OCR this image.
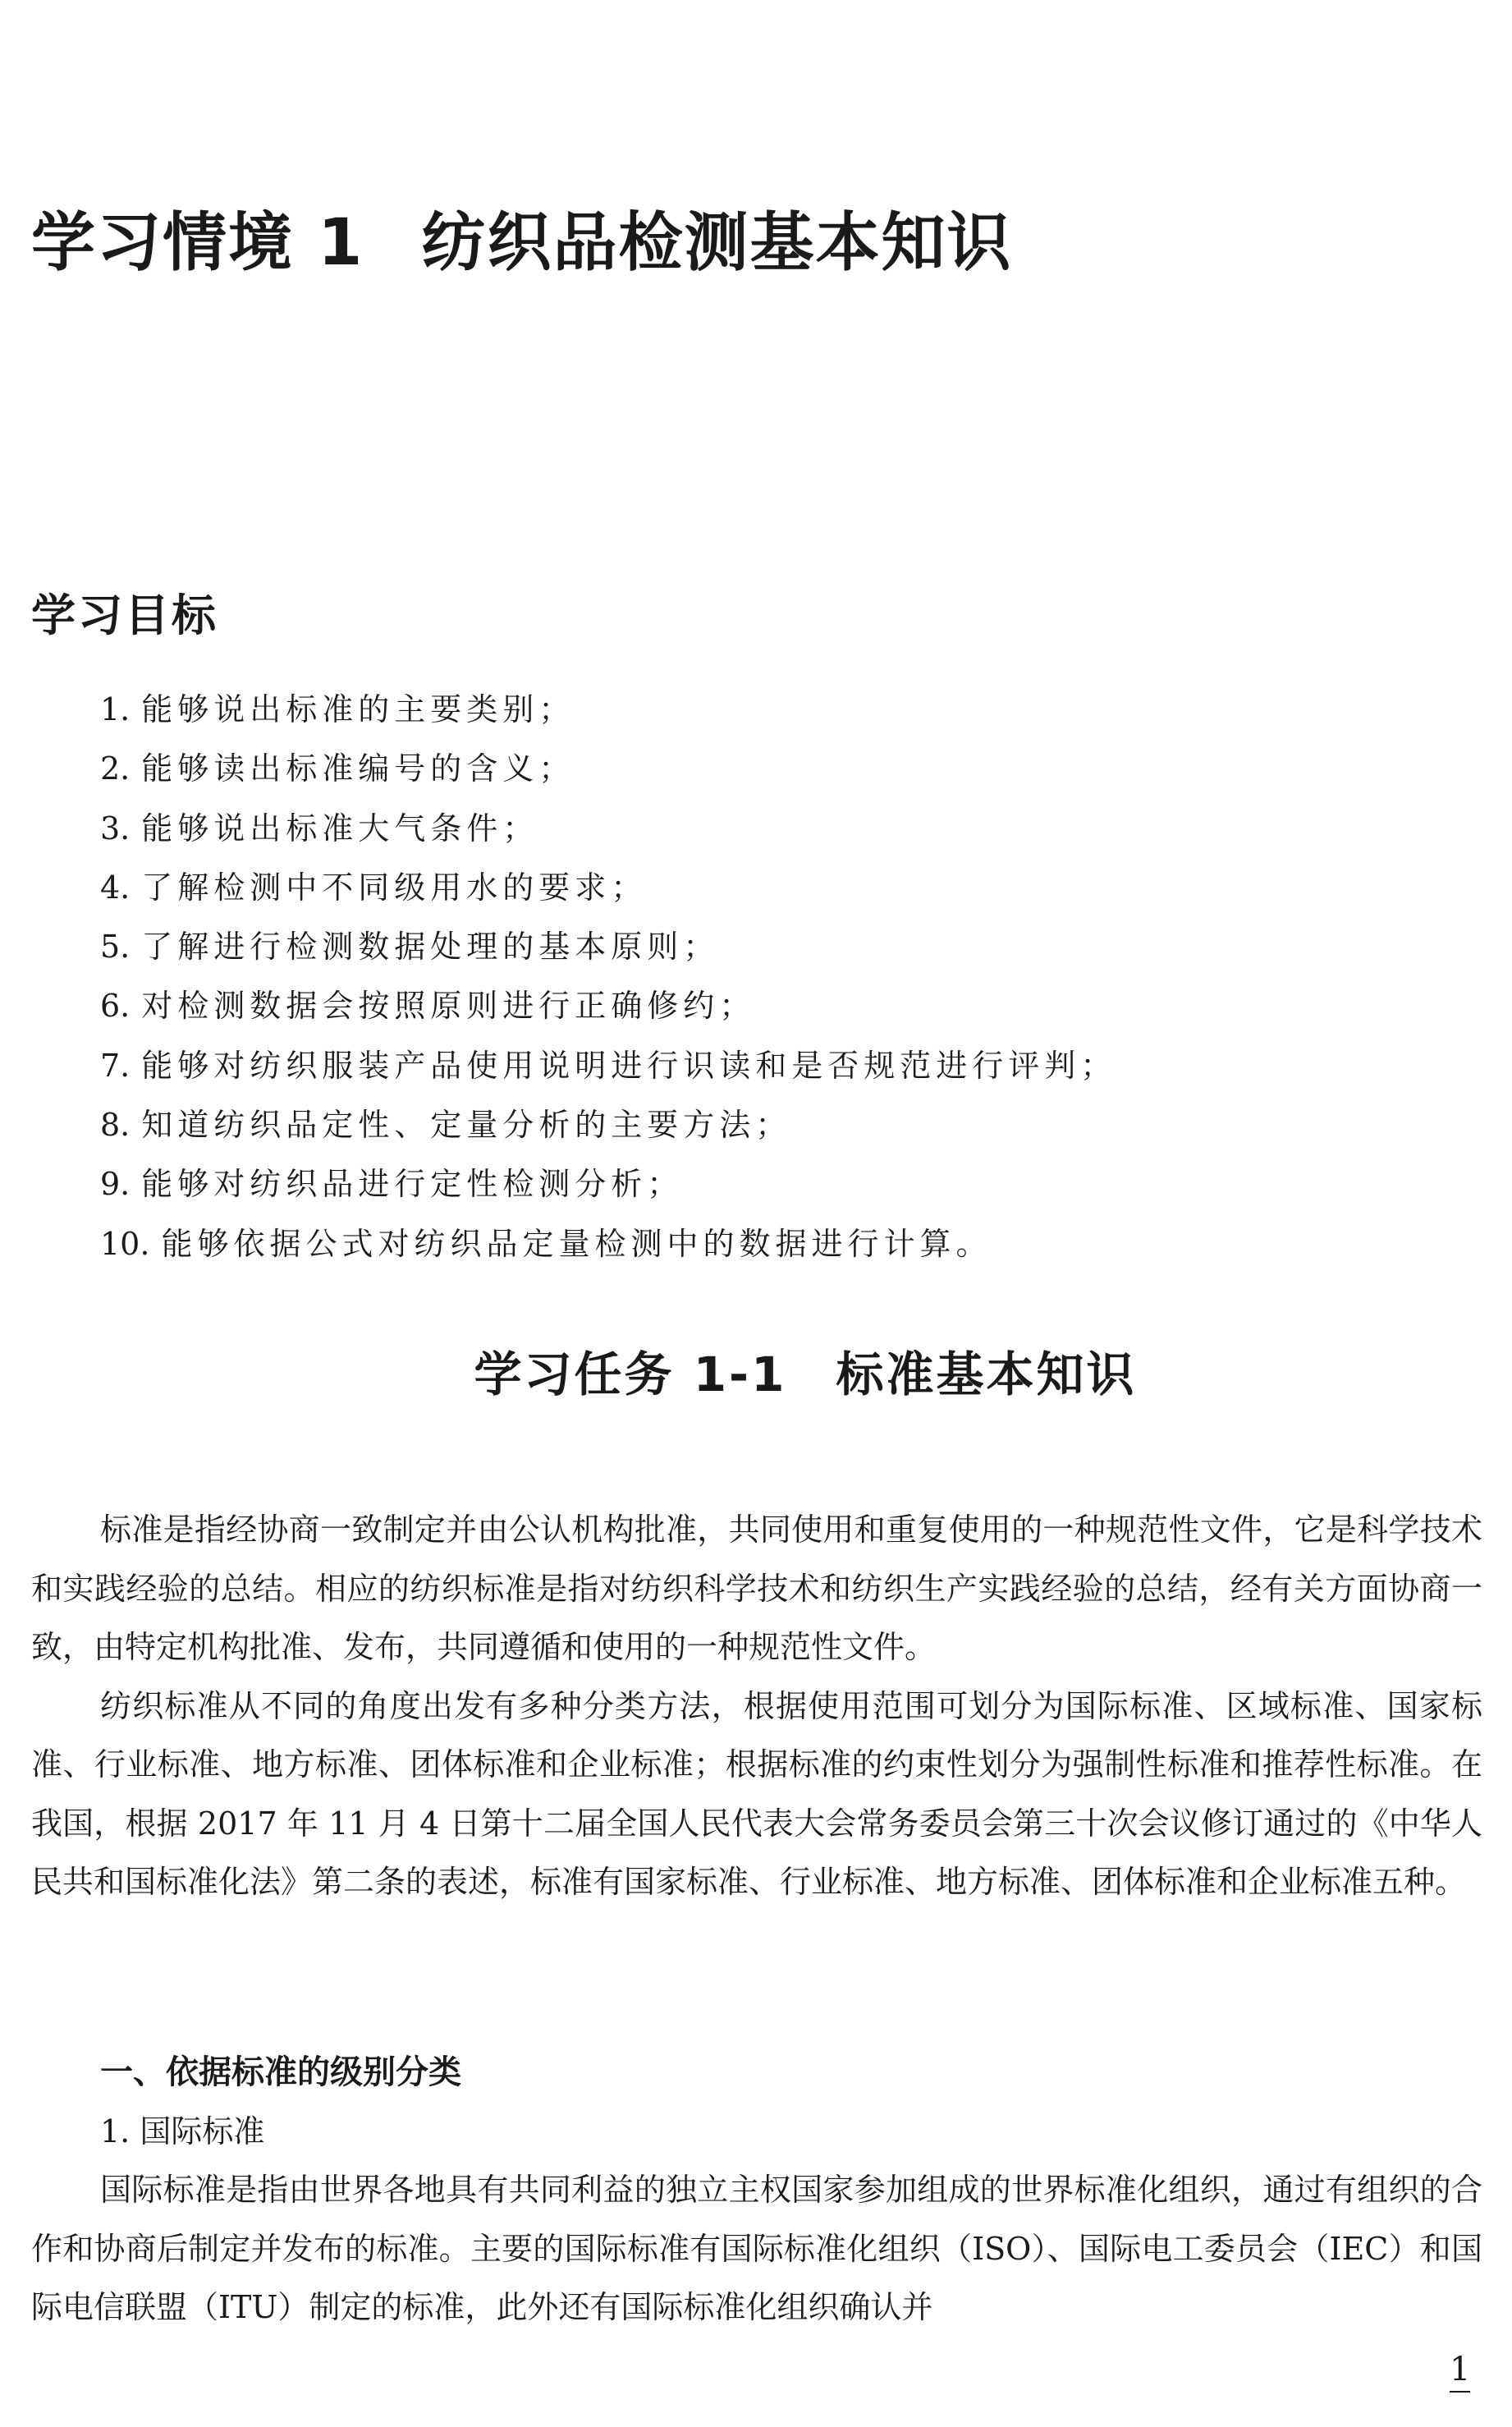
学习情境 1 纺织品检测基本知识
学习目标
1. 能够说出标准的主要类别；
2. 能够读出标准编号的含义；
3. 能够说出标准大气条件；
4. 了解检测中不同级用水的要求；
5. 了解进行检测数据处理的基本原则；
6. 对检测数据会按照原则进行正确修约；
7. 能够对纺织服装产品使用说明进行识读和是否规范进行评判；
8. 知道纺织品定性、定量分析的主要方法；
9. 能够对纺织品进行定性检测分析；
10. 能够依据公式对纺织品定量检测中的数据进行计算。
学习任务 1-1 标准基本知识

标准是指经协商一致制定并由公认机构批准，共同使用和重复使用的一种规范性文件，它是科学技术和实践经验的总结。相应的纺织标准是指对纺织科学技术和纺织生产实践经验的总结，经有关方面协商一致，由特定机构批准、发布，共同遵循和使用的一种规范性文件。

纺织标准从不同的角度出发有多种分类方法，根据使用范围可划分为国际标准、区域标准、国家标准、行业标准、地方标准、团体标准和企业标准；根据标准的约束性划分为强制性标准和推荐性标准。在我国，根据 2017 年 11 月 4 日第十二届全国人民代表大会常务委员会第三十次会议修订通过的《中华人民共和国标准化法》第二条的表述，标准有国家标准、行业标准、地方标准、团体标准和企业标准五种。

一、依据标准的级别分类
1. 国际标准

国际标准是指由世界各地具有共同利益的独立主权国家参加组成的世界标准化组织，通过有组织的合作和协商后制定并发布的标准。主要的国际标准有国际标准化组织（ISO）、国际电工委员会（IEC）和国际电信联盟（ITU）制定的标准，此外还有国际标准化组织确认并

1
